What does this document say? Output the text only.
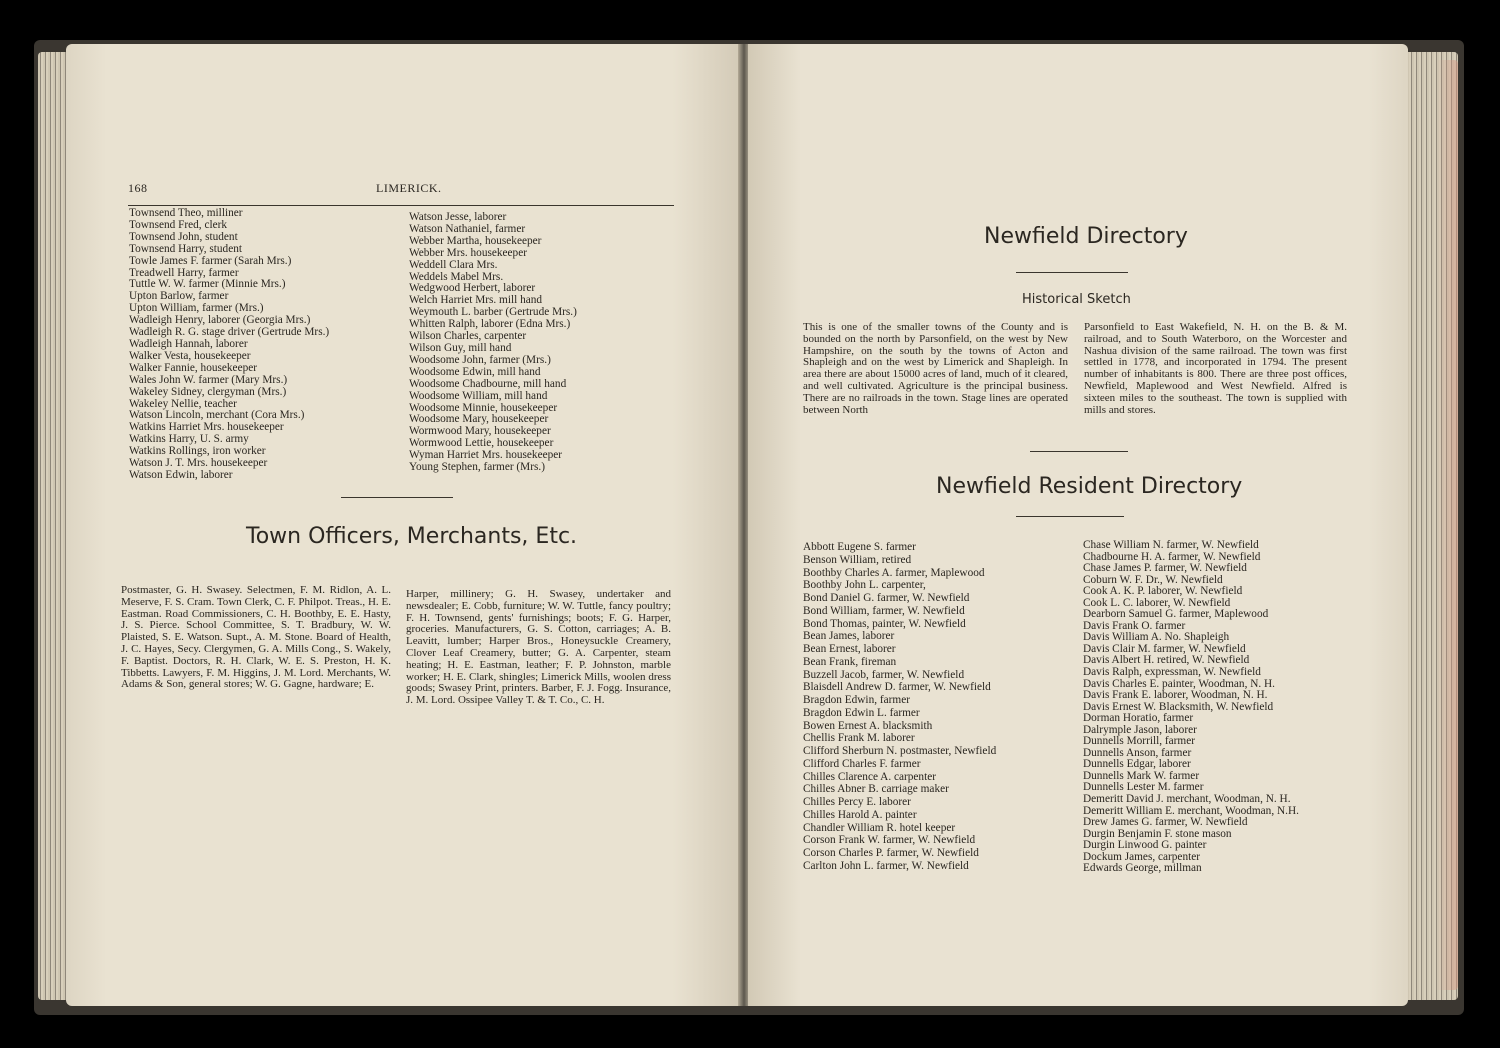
168	LIMERICK.
Townsend Theo, milliner
Townsend Fred, clerk
Townsend John, student
Townsend Harry, student
Towle James F. farmer (Sarah Mrs.)
Treadwell Harry, farmer
Tuttle W. W. farmer (Minnie Mrs.)
Upton Barlow, farmer
Upton William, farmer (Mrs.)
Wadleigh Henry, laborer (Georgia Mrs.)
Wadleigh R. G. stage driver (Gertrude Mrs.)
Wadleigh Hannah, laborer
Walker Vesta, housekeeper
Walker Fannie, housekeeper
Wales John W. farmer (Mary Mrs.)
Wakeley Sidney, clergyman (Mrs.)
Wakeley Nellie, teacher
Watson Lincoln, merchant (Cora Mrs.)
Watkins Harriet Mrs. housekeeper
Watkins Harry, U. S. army
Watkins Rollings, iron worker
Watson J. T. Mrs. housekeeper
Watson Edwin, laborer
Watson Jesse, laborer
Watson Nathaniel, farmer
Webber Martha, housekeeper
Webber Mrs. housekeeper
Weddell Clara Mrs.
Weddels Mabel Mrs.
Wedgwood Herbert, laborer
Welch Harriet Mrs. mill hand
Weymouth L. barber (Gertrude Mrs.)
Whitten Ralph, laborer (Edna Mrs.)
Wilson Charles, carpenter
Wilson Guy, mill hand
Woodsome John, farmer (Mrs.)
Woodsome Edwin, mill hand
Woodsome Chadbourne, mill hand
Woodsome William, mill hand
Woodsome Minnie, housekeeper
Woodsome Mary, housekeeper
Wormwood Mary, housekeeper
Wormwood Lettie, housekeeper
Wyman Harriet Mrs. housekeeper
Young Stephen, farmer (Mrs.)
Town Officers, Merchants, Etc.

Postmaster, G. H. Swasey. Selectmen, F. M. Ridlon, A. L. Meserve, F. S. Cram. Town Clerk, C. F. Philpot. Treas., H. E. Eastman. Road Commissioners, C. H. Boothby, E. E. Hasty, J. S. Pierce. School Committee, S. T. Bradbury, W. W. Plaisted, S. E. Watson. Supt., A. M. Stone. Board of Health, J. C. Hayes, Secy. Clergymen, G. A. Mills Cong., S. Wakely, F. Baptist. Doctors, R. H. Clark, W. E. S. Preston, H. K. Tibbetts. Lawyers, F. M. Higgins, J. M. Lord. Merchants, W. Adams & Son, general stores; W. G. Gagne, hardware; E.

Harper, millinery; G. H. Swasey, undertaker and newsdealer; E. Cobb, furniture; W. W. Tuttle, fancy poultry; F. H. Townsend, gents' furnishings; boots; F. G. Harper, groceries. Manufacturers, G. S. Cotton, carriages; A. B. Leavitt, lumber; Harper Bros., Honeysuckle Creamery, Clover Leaf Creamery, butter; G. A. Carpenter, steam heating; H. E. Eastman, leather; F. P. Johnston, marble worker; H. E. Clark, shingles; Limerick Mills, woolen dress goods; Swasey Print, printers. Barber, F. J. Fogg. Insurance, J. M. Lord. Ossipee Valley T. & T. Co., C. H.

Newfield Directory
Historical Sketch

This is one of the smaller towns of the County and is bounded on the north by Parsonfield, on the west by New Hampshire, on the south by the towns of Acton and Shapleigh and on the west by Limerick and Shapleigh. In area there are about 15000 acres of land, much of it cleared, and well cultivated. Agriculture is the principal business. There are no railroads in the town. Stage lines are operated between North

Parsonfield to East Wakefield, N. H. on the B. & M. railroad, and to South Waterboro, on the Worcester and Nashua division of the same railroad. The town was first settled in 1778, and incorporated in 1794. The present number of inhabitants is 800. There are three post offices, Newfield, Maplewood and West Newfield. Alfred is sixteen miles to the southeast. The town is supplied with mills and stores.

Newfield Resident Directory
Abbott Eugene S. farmer
Benson William, retired
Boothby Charles A. farmer, Maplewood
Boothby John L. carpenter,
Bond Daniel G. farmer, W. Newfield
Bond William, farmer, W. Newfield
Bond Thomas, painter, W. Newfield
Bean James, laborer
Bean Ernest, laborer
Bean Frank, fireman
Buzzell Jacob, farmer, W. Newfield
Blaisdell Andrew D. farmer, W. Newfield
Bragdon Edwin, farmer
Bragdon Edwin L. farmer
Bowen Ernest A. blacksmith
Chellis Frank M. laborer
Clifford Sherburn N. postmaster, Newfield
Clifford Charles F. farmer
Chilles Clarence A. carpenter
Chilles Abner B. carriage maker
Chilles Percy E. laborer
Chilles Harold A. painter
Chandler William R. hotel keeper
Corson Frank W. farmer, W. Newfield
Corson Charles P. farmer, W. Newfield
Carlton John L. farmer, W. Newfield
Chase William N. farmer, W. Newfield
Chadbourne H. A. farmer, W. Newfield
Chase James P. farmer, W. Newfield
Coburn W. F. Dr., W. Newfield
Cook A. K. P. laborer, W. Newfield
Cook L. C. laborer, W. Newfield
Dearborn Samuel G. farmer, Maplewood
Davis Frank O. farmer
Davis William A. No. Shapleigh
Davis Clair M. farmer, W. Newfield
Davis Albert H. retired, W. Newfield
Davis Ralph, expressman, W. Newfield
Davis Charles E. painter, Woodman, N. H.
Davis Frank E. laborer, Woodman, N. H.
Davis Ernest W. Blacksmith, W. Newfield
Dorman Horatio, farmer
Dalrymple Jason, laborer
Dunnells Morrill, farmer
Dunnells Anson, farmer
Dunnells Edgar, laborer
Dunnells Mark W. farmer
Dunnells Lester M. farmer
Demeritt David J. merchant, Woodman, N. H.
Demeritt William E. merchant, Woodman, N.H.
Drew James G. farmer, W. Newfield
Durgin Benjamin F. stone mason
Durgin Linwood G. painter
Dockum James, carpenter
Edwards George, millman
